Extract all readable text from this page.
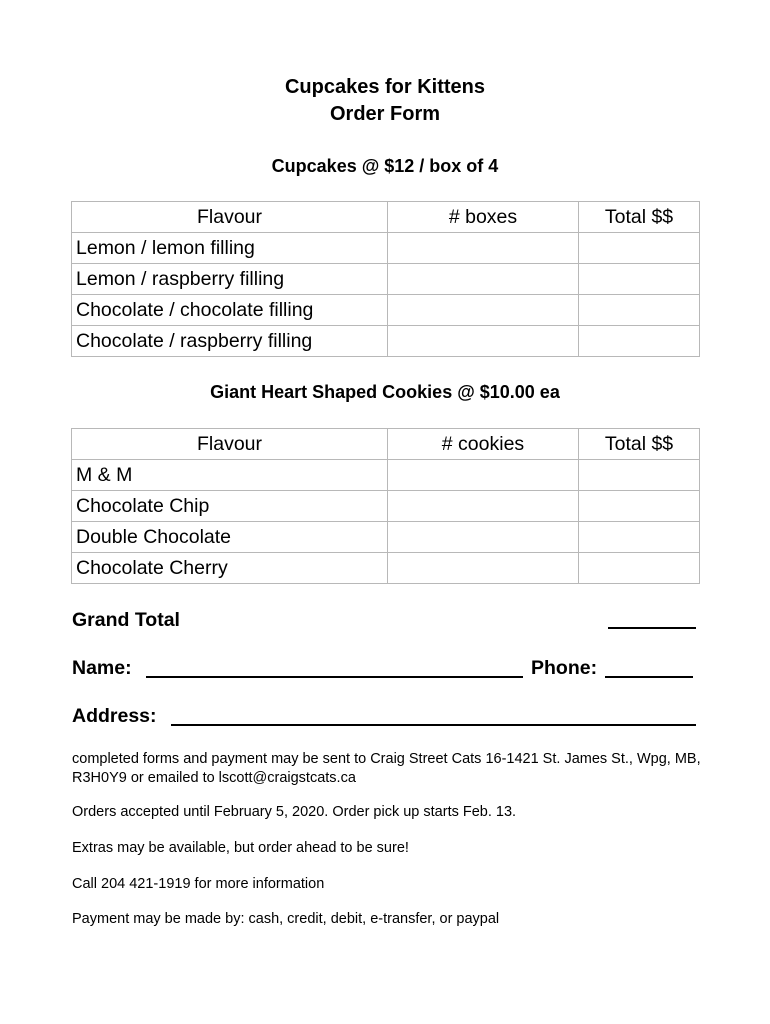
Cupcakes for Kittens
Order Form
Cupcakes @ $12 / box of 4
Flavour	# boxes	Total $$
Lemon / lemon filling		
Lemon / raspberry filling		
Chocolate / chocolate filling		
Chocolate / raspberry filling		
Giant Heart Shaped Cookies @ $10.00 ea
Flavour	# cookies	Total $$
M & M		
Chocolate Chip		
Double Chocolate		
Chocolate Cherry		
Grand Total
Name:	Phone:
Address:
completed forms and payment may be sent to Craig Street Cats 16-1421 St. James St., Wpg, MB, R3H0Y9 or emailed to lscott@craigstcats.ca
Orders accepted until February 5, 2020. Order pick up starts Feb. 13.
Extras may be available, but order ahead to be sure!
Call 204 421-1919 for more information
Payment may be made by: cash, credit, debit, e-transfer, or paypal
